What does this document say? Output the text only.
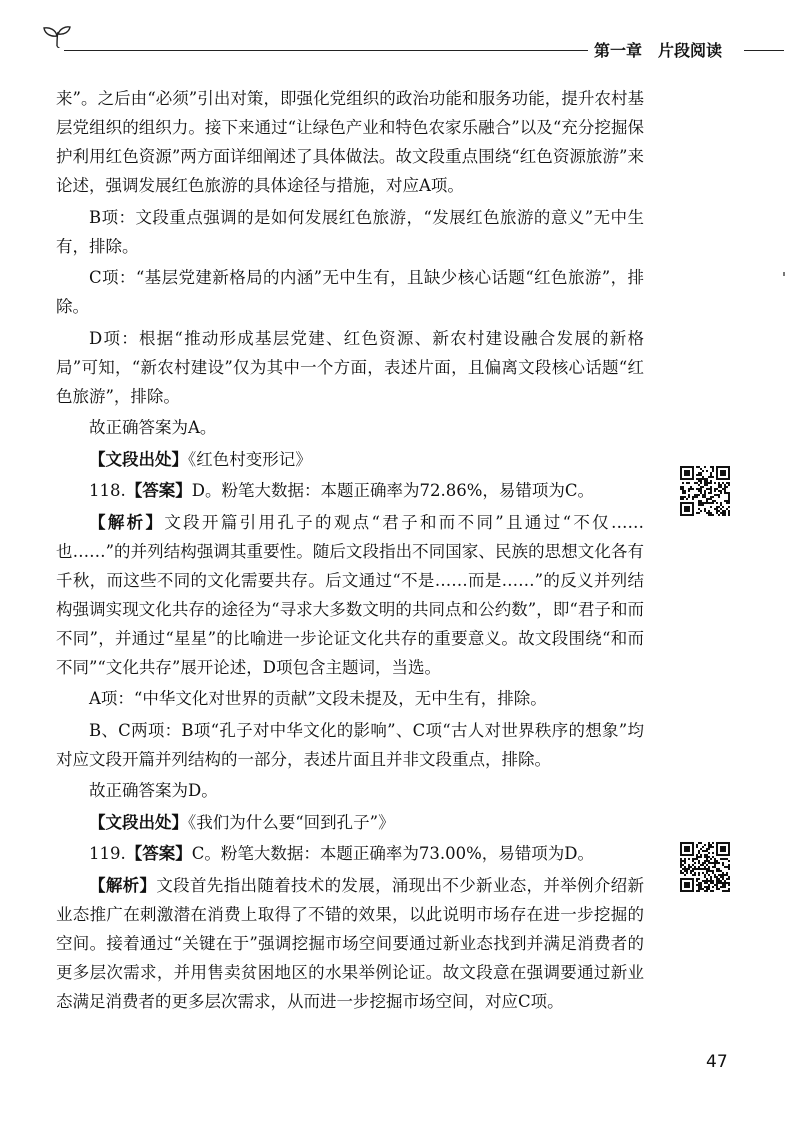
第一章　片段阅读

来”。之后由“必须”引出对策，即强化党组织的政治功能和服务功能，提升农村基层党组织的组织力。接下来通过“让绿色产业和特色农家乐融合”以及“充分挖掘保护利用红色资源”两方面详细阐述了具体做法。故文段重点围绕“红色资源旅游”来论述，强调发展红色旅游的具体途径与措施，对应A项。

B项：文段重点强调的是如何发展红色旅游，“发展红色旅游的意义”无中生有，排除。

C项：“基层党建新格局的内涵”无中生有，且缺少核心话题“红色旅游”，排除。

D项：根据“推动形成基层党建、红色资源、新农村建设融合发展的新格局”可知，“新农村建设”仅为其中一个方面，表述片面，且偏离文段核心话题“红色旅游”，排除。

故正确答案为A。

【文段出处】《红色村变形记》

118.【答案】D。粉笔大数据：本题正确率为72.86%，易错项为C。

【解析】文段开篇引用孔子的观点“君子和而不同”且通过“不仅……也……”的并列结构强调其重要性。随后文段指出不同国家、民族的思想文化各有千秋，而这些不同的文化需要共存。后文通过“不是……而是……”的反义并列结构强调实现文化共存的途径为“寻求大多数文明的共同点和公约数”，即“君子和而不同”，并通过“星星”的比喻进一步论证文化共存的重要意义。故文段围绕“和而不同”“文化共存”展开论述，D项包含主题词，当选。

A项：“中华文化对世界的贡献”文段未提及，无中生有，排除。

B、C两项：B项“孔子对中华文化的影响”、C项“古人对世界秩序的想象”均对应文段开篇并列结构的一部分，表述片面且并非文段重点，排除。

故正确答案为D。

【文段出处】《我们为什么要“回到孔子”》

119.【答案】C。粉笔大数据：本题正确率为73.00%，易错项为D。

【解析】文段首先指出随着技术的发展，涌现出不少新业态，并举例介绍新业态推广在刺激潜在消费上取得了不错的效果，以此说明市场存在进一步挖掘的空间。接着通过“关键在于”强调挖掘市场空间要通过新业态找到并满足消费者的更多层次需求，并用售卖贫困地区的水果举例论证。故文段意在强调要通过新业态满足消费者的更多层次需求，从而进一步挖掘市场空间，对应C项。

47
